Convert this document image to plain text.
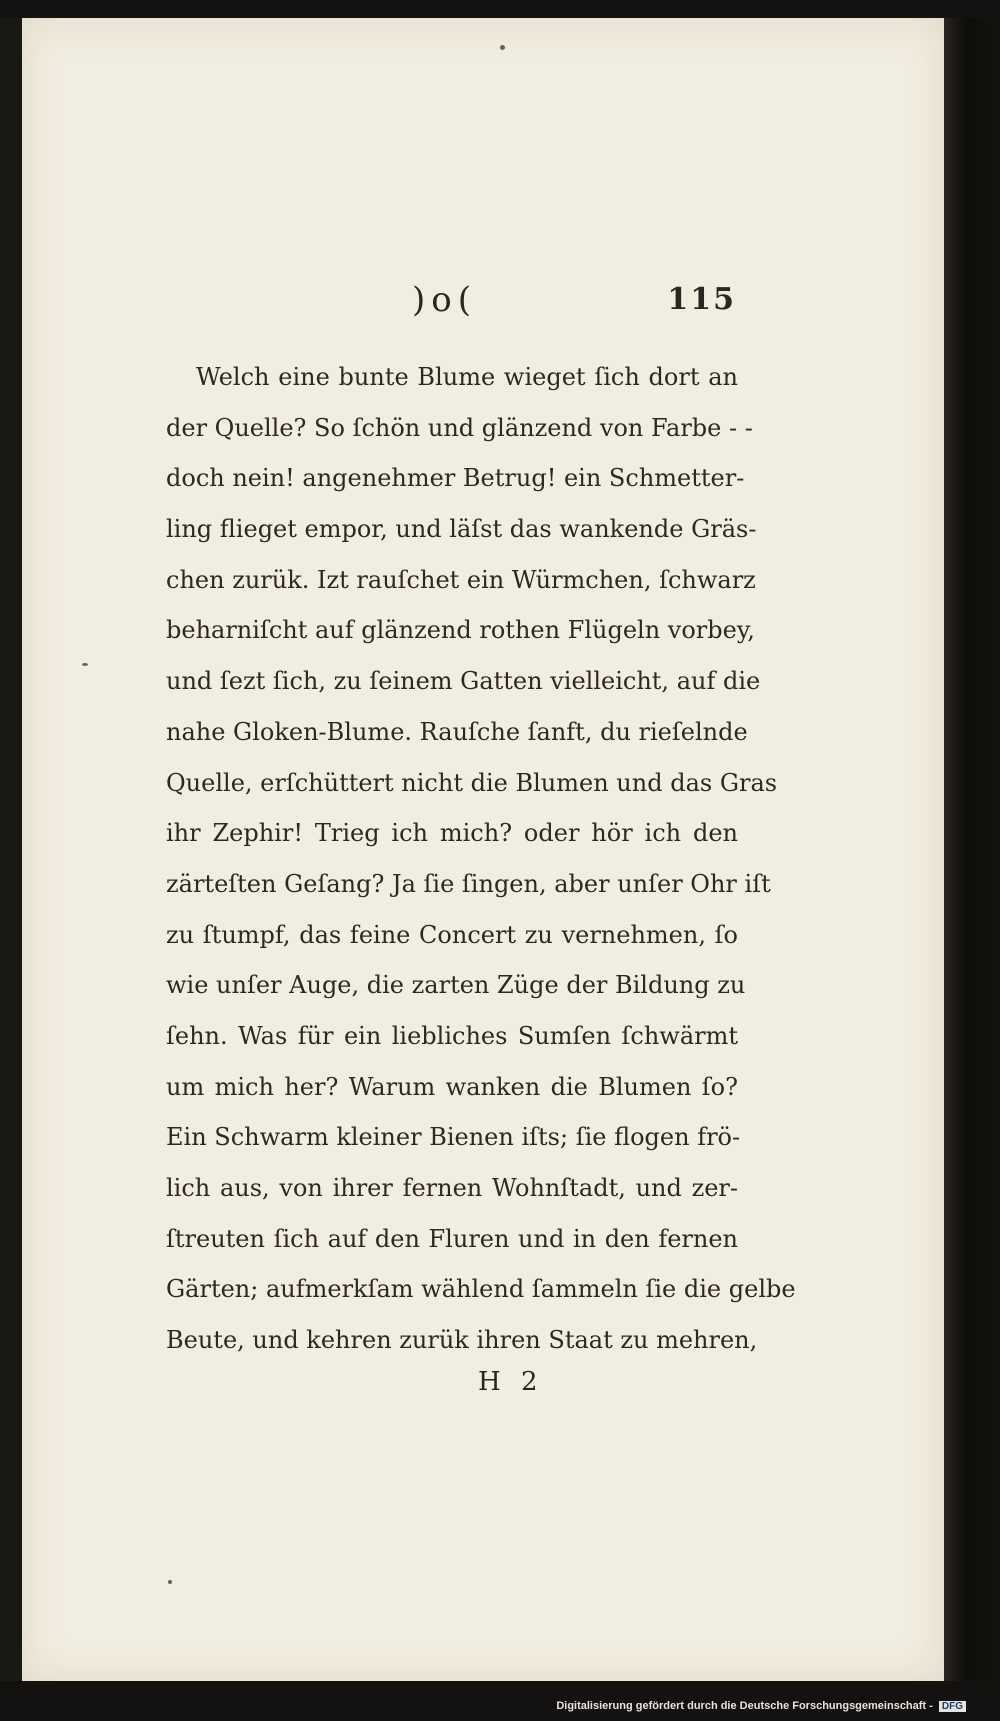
)o(	115
Welch eine bunte Blume wieget ſich dort an
der Quelle? So ſchön und glänzend von Farbe - -
doch nein! angenehmer Betrug! ein Schmetter-
ling flieget empor, und läſst das wankende Gräs-
chen zurük. Izt rauſchet ein Würmchen, ſchwarz
beharniſcht auf glänzend rothen Flügeln vorbey,
und ſezt ſich, zu ſeinem Gatten vielleicht, auf die
nahe Gloken-Blume. Rauſche ſanft, du rieſelnde
Quelle, erſchüttert nicht die Blumen und das Gras
ihr Zephir! Trieg ich mich? oder hör ich den
zärteſten Geſang? Ja ſie ſingen, aber unſer Ohr iſt
zu ſtumpf, das feine Concert zu vernehmen, ſo
wie unſer Auge, die zarten Züge der Bildung zu
ſehn. Was für ein liebliches Sumſen ſchwärmt
um mich her? Warum wanken die Blumen ſo?
Ein Schwarm kleiner Bienen iſts; ſie flogen frö-
lich aus, von ihrer fernen Wohnſtadt, und zer-
ſtreuten ſich auf den Fluren und in den fernen
Gärten; aufmerkſam wählend ſammeln ſie die gelbe
Beute, und kehren zurük ihren Staat zu mehren,
H 2
Digitalisierung gefördert durch die Deutsche Forschungsgemeinschaft - DFG
